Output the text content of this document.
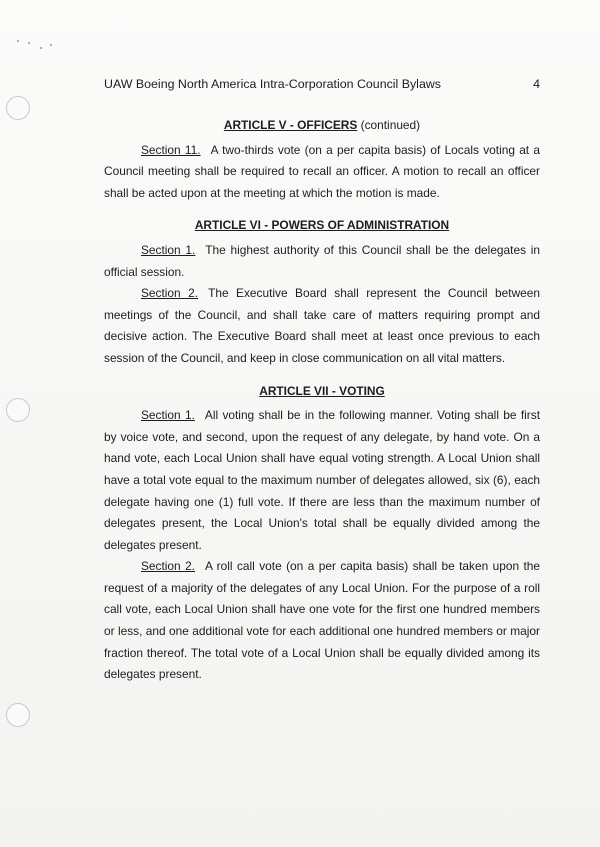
UAW Boeing North America Intra-Corporation Council Bylaws	4

ARTICLE V - OFFICERS (continued)

Section 11. A two-thirds vote (on a per capita basis) of Locals voting at a Council meeting shall be required to recall an officer. A motion to recall an officer shall be acted upon at the meeting at which the motion is made.

ARTICLE VI - POWERS OF ADMINISTRATION

Section 1. The highest authority of this Council shall be the delegates in official session.

Section 2. The Executive Board shall represent the Council between meetings of the Council, and shall take care of matters requiring prompt and decisive action. The Executive Board shall meet at least once previous to each session of the Council, and keep in close communication on all vital matters.

ARTICLE VII - VOTING

Section 1. All voting shall be in the following manner. Voting shall be first by voice vote, and second, upon the request of any delegate, by hand vote. On a hand vote, each Local Union shall have equal voting strength. A Local Union shall have a total vote equal to the maximum number of delegates allowed, six (6), each delegate having one (1) full vote. If there are less than the maximum number of delegates present, the Local Union's total shall be equally divided among the delegates present.

Section 2. A roll call vote (on a per capita basis) shall be taken upon the request of a majority of the delegates of any Local Union. For the purpose of a roll call vote, each Local Union shall have one vote for the first one hundred members or less, and one additional vote for each additional one hundred members or major fraction thereof. The total vote of a Local Union shall be equally divided among its delegates present.
